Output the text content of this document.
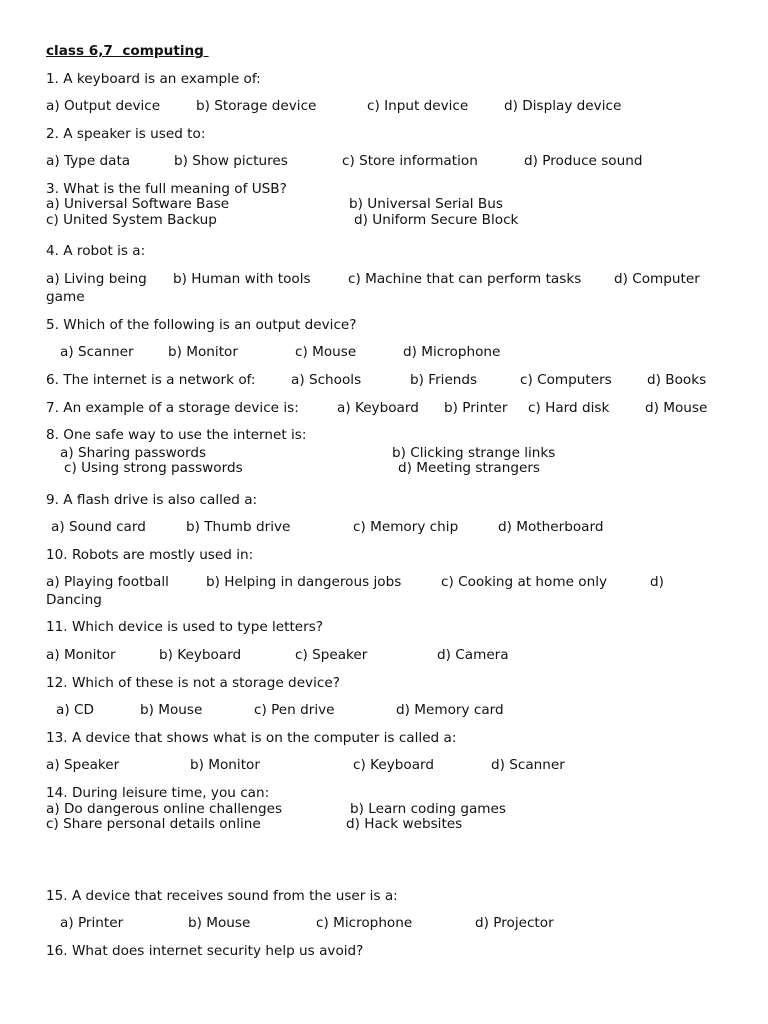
class 6,7  computing
1. A keyboard is an example of:
a) Output device	b) Storage device	c) Input device	d) Display device
2. A speaker is used to:
a) Type data	b) Show pictures	c) Store information	d) Produce sound
3. What is the full meaning of USB?
a) Universal Software Base	b) Universal Serial Bus
c) United System Backup	d) Uniform Secure Block
4. A robot is a:
a) Living being b) Human with tools	c) Machine that can perform tasks d) Computer
game
5. Which of the following is an output device?
a) Scanner	b) Monitor	c) Mouse	d) Microphone
6. The internet is a network of:	a) Schools	b) Friends	c) Computers	d) Books
7. An example of a storage device is:	a) Keyboard b) Printer c) Hard disk	d) Mouse
8. One safe way to use the internet is:
a) Sharing passwords	b) Clicking strange links
c) Using strong passwords	d) Meeting strangers
9. A flash drive is also called a:
a) Sound card	b) Thumb drive	c) Memory chip	d) Motherboard
10. Robots are mostly used in:
a) Playing football	b) Helping in dangerous jobs	c) Cooking at home only	d)
Dancing
11. Which device is used to type letters?
a) Monitor	b) Keyboard	c) Speaker	d) Camera
12. Which of these is not a storage device?
a) CD	b) Mouse	c) Pen drive	d) Memory card
13. A device that shows what is on the computer is called a:
a) Speaker	b) Monitor	c) Keyboard	d) Scanner
14. During leisure time, you can:
a) Do dangerous online challenges	b) Learn coding games
c) Share personal details online	d) Hack websites
15. A device that receives sound from the user is a:
a) Printer	b) Mouse	c) Microphone	d) Projector
16. What does internet security help us avoid?
